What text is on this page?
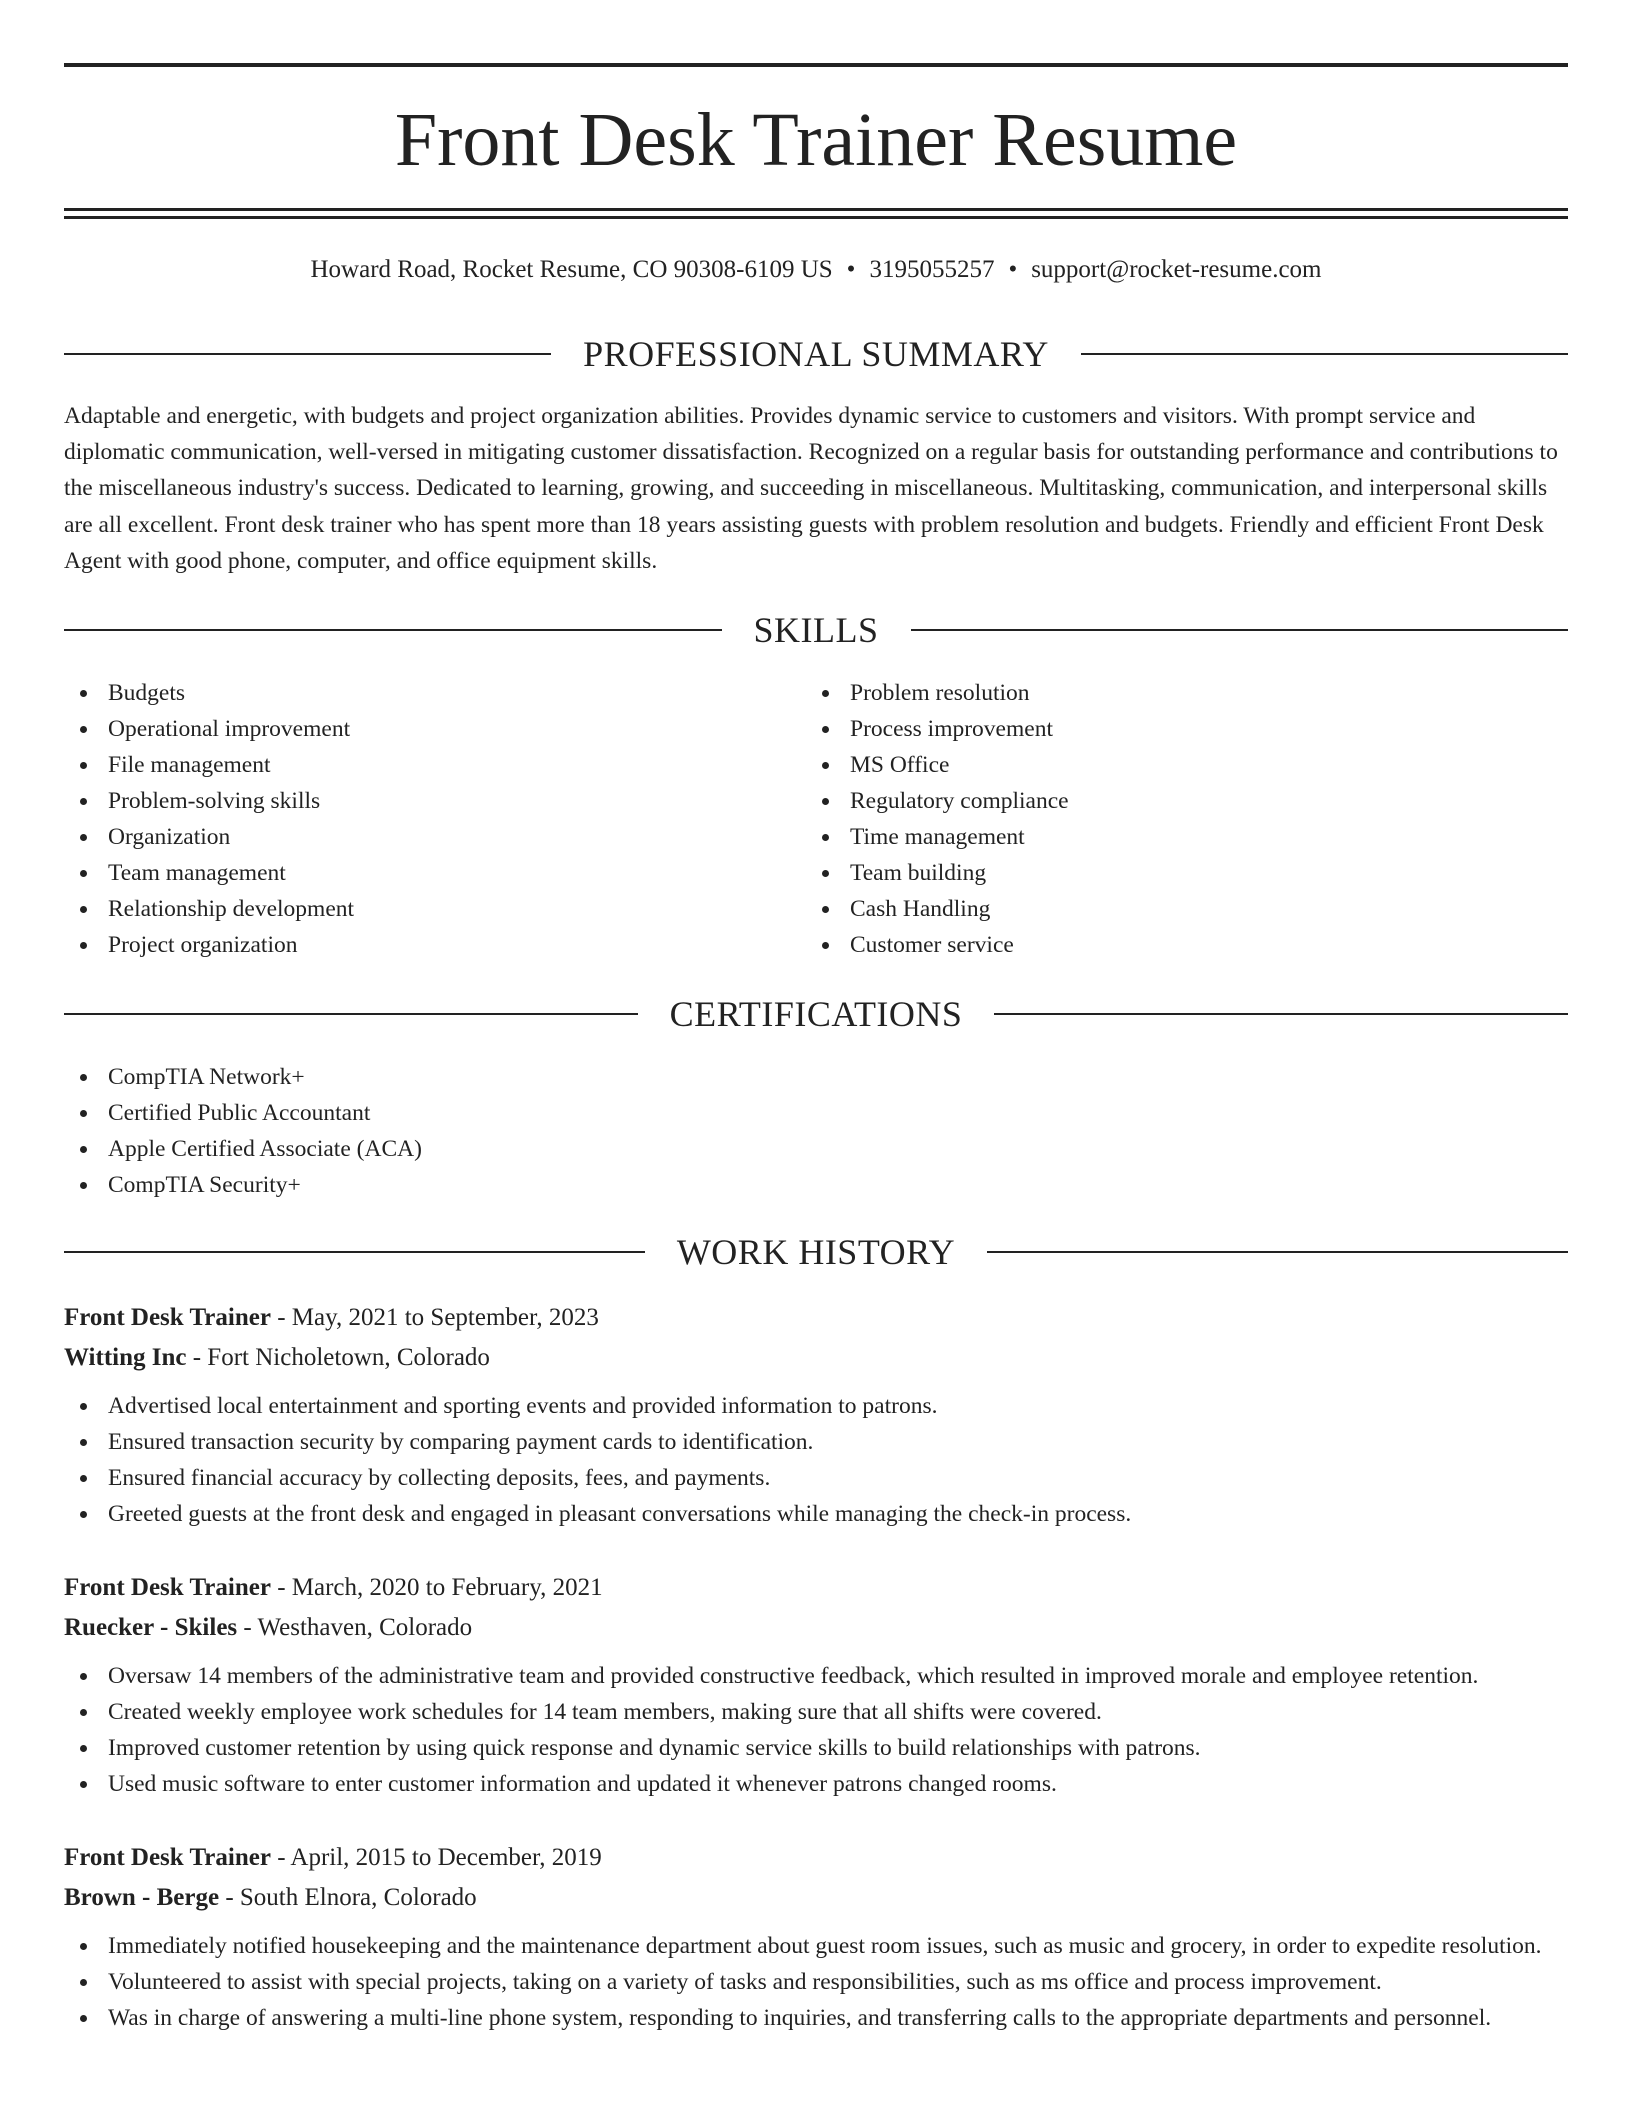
Front Desk Trainer Resume
Howard Road, Rocket Resume, CO 90308-6109 US • 3195055257 • support@rocket-resume.com
PROFESSIONAL SUMMARY

Adaptable and energetic, with budgets and project organization abilities. Provides dynamic service to customers and visitors. With prompt service and diplomatic communication, well-versed in mitigating customer dissatisfaction. Recognized on a regular basis for outstanding performance and contributions to the miscellaneous industry's success. Dedicated to learning, growing, and succeeding in miscellaneous. Multitasking, communication, and interpersonal skills are all excellent. Front desk trainer who has spent more than 18 years assisting guests with problem resolution and budgets. Friendly and efficient Front Desk Agent with good phone, computer, and office equipment skills.

SKILLS
Budgets
Operational improvement
File management
Problem-solving skills
Organization
Team management
Relationship development
Project organization
Problem resolution
Process improvement
MS Office
Regulatory compliance
Time management
Team building
Cash Handling
Customer service
CERTIFICATIONS
CompTIA Network+
Certified Public Accountant
Apple Certified Associate (ACA)
CompTIA Security+
WORK HISTORY
Front Desk Trainer - May, 2021 to September, 2023
Witting Inc - Fort Nicholetown, Colorado
Advertised local entertainment and sporting events and provided information to patrons.
Ensured transaction security by comparing payment cards to identification.
Ensured financial accuracy by collecting deposits, fees, and payments.
Greeted guests at the front desk and engaged in pleasant conversations while managing the check-in process.
Front Desk Trainer - March, 2020 to February, 2021
Ruecker - Skiles - Westhaven, Colorado
Oversaw 14 members of the administrative team and provided constructive feedback, which resulted in improved morale and employee retention.
Created weekly employee work schedules for 14 team members, making sure that all shifts were covered.
Improved customer retention by using quick response and dynamic service skills to build relationships with patrons.
Used music software to enter customer information and updated it whenever patrons changed rooms.
Front Desk Trainer - April, 2015 to December, 2019
Brown - Berge - South Elnora, Colorado
Immediately notified housekeeping and the maintenance department about guest room issues, such as music and grocery, in order to expedite resolution.
Volunteered to assist with special projects, taking on a variety of tasks and responsibilities, such as ms office and process improvement.
Was in charge of answering a multi-line phone system, responding to inquiries, and transferring calls to the appropriate departments and personnel.
